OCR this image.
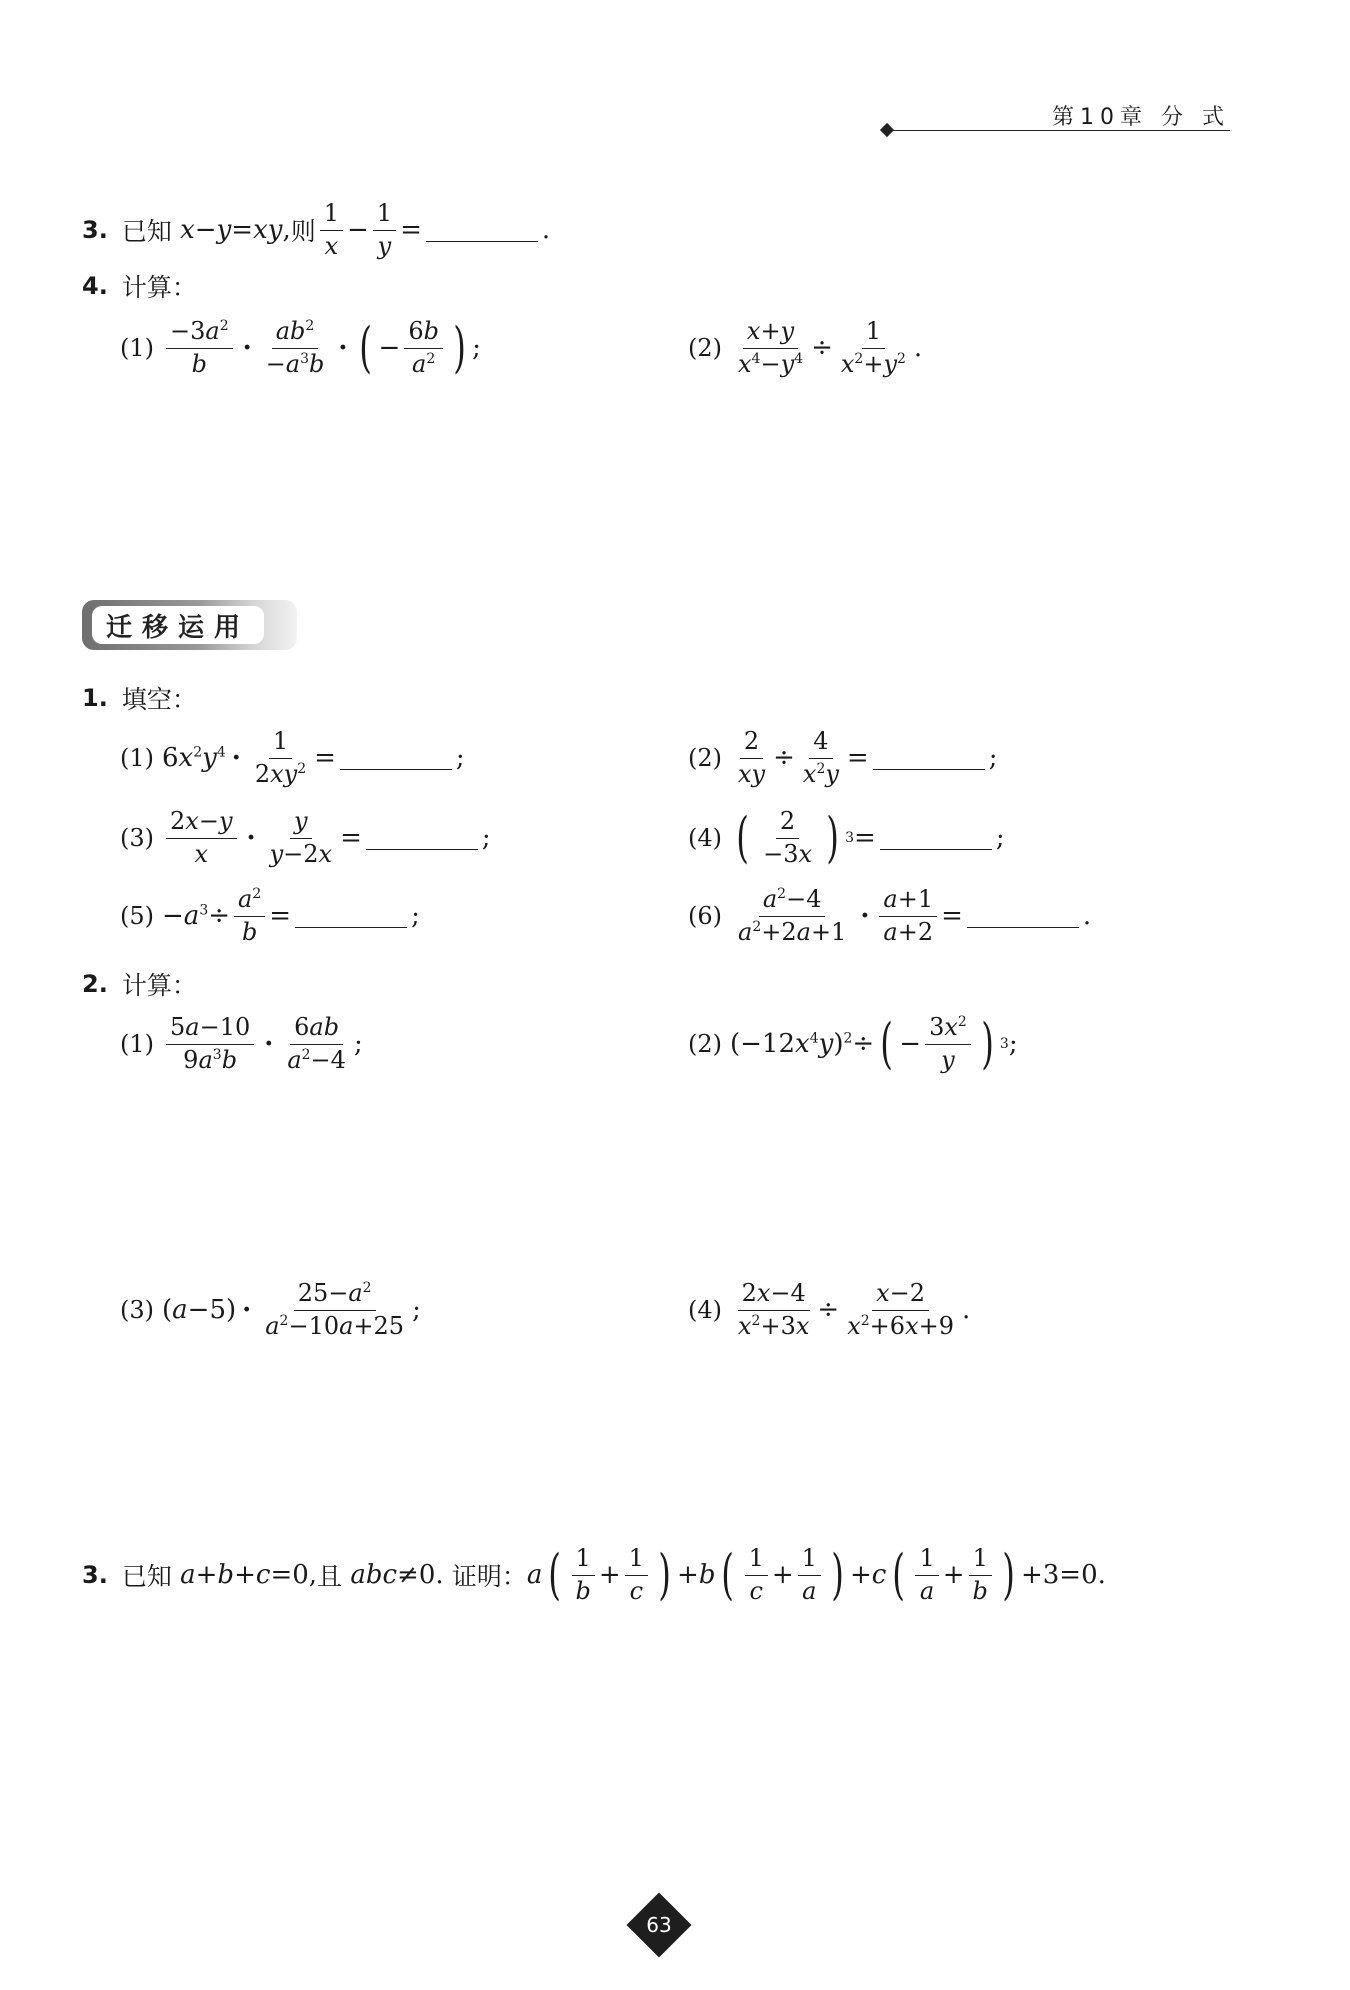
第10章 分 式
3. 已知 x−y=xy, 则 $\frac{1}{x} - \frac{1}{y}$ =	.
4. 计算：
$(1) \frac{-3a^2}{b} \cdot \frac{ab^2}{-a^3b}$ · ( − $\frac{6b}{a^2}$ ) ;	$(2) \frac{x+y}{x^4-y^4} \div \frac{1}{x^2+y^2}$ .
迁移运用
1. 填空：
(1) $6x^2y^4 \cdot \frac{1}{2xy^2}$ =	;	$(2) \frac{2}{xy} \div \frac{4}{x^2y}$ =	;
$(3) \frac{2x-y}{x} \cdot \frac{y}{y-2x}$ =	;	(4) ( $\frac{2}{-3x}$ ) 3 =	;
$(5) -a^3\div \frac{a^2}{b}$ =	;	$(6) \frac{a^2-4}{a^2+2a+1} \cdot \frac{a+1}{a+2}$ =	.
2. 计算：
$(1) \frac{5a-10}{9a^3b} \cdot \frac{6ab}{a^2-4}$ ;	(2) $(-12x^4y)^2\div$ ( − $\frac{3x^2}{y}$ ) 3 ;
(3) $(a-5) \cdot \frac{25-a^2}{a^2-10a+25}$ ;	$(4) \frac{2x-4}{x^2+3x} \div \frac{x-2}{x^2+6x+9}$ .
3. 已知 a+b+c=0, 且 abc≠0. 证明： a ( $\frac{1}{b} + \frac{1}{c}$ ) + b ( $\frac{1}{c} + \frac{1}{a}$ ) + c ( $\frac{1}{a} + \frac{1}{b}$ ) +3=0.
63
